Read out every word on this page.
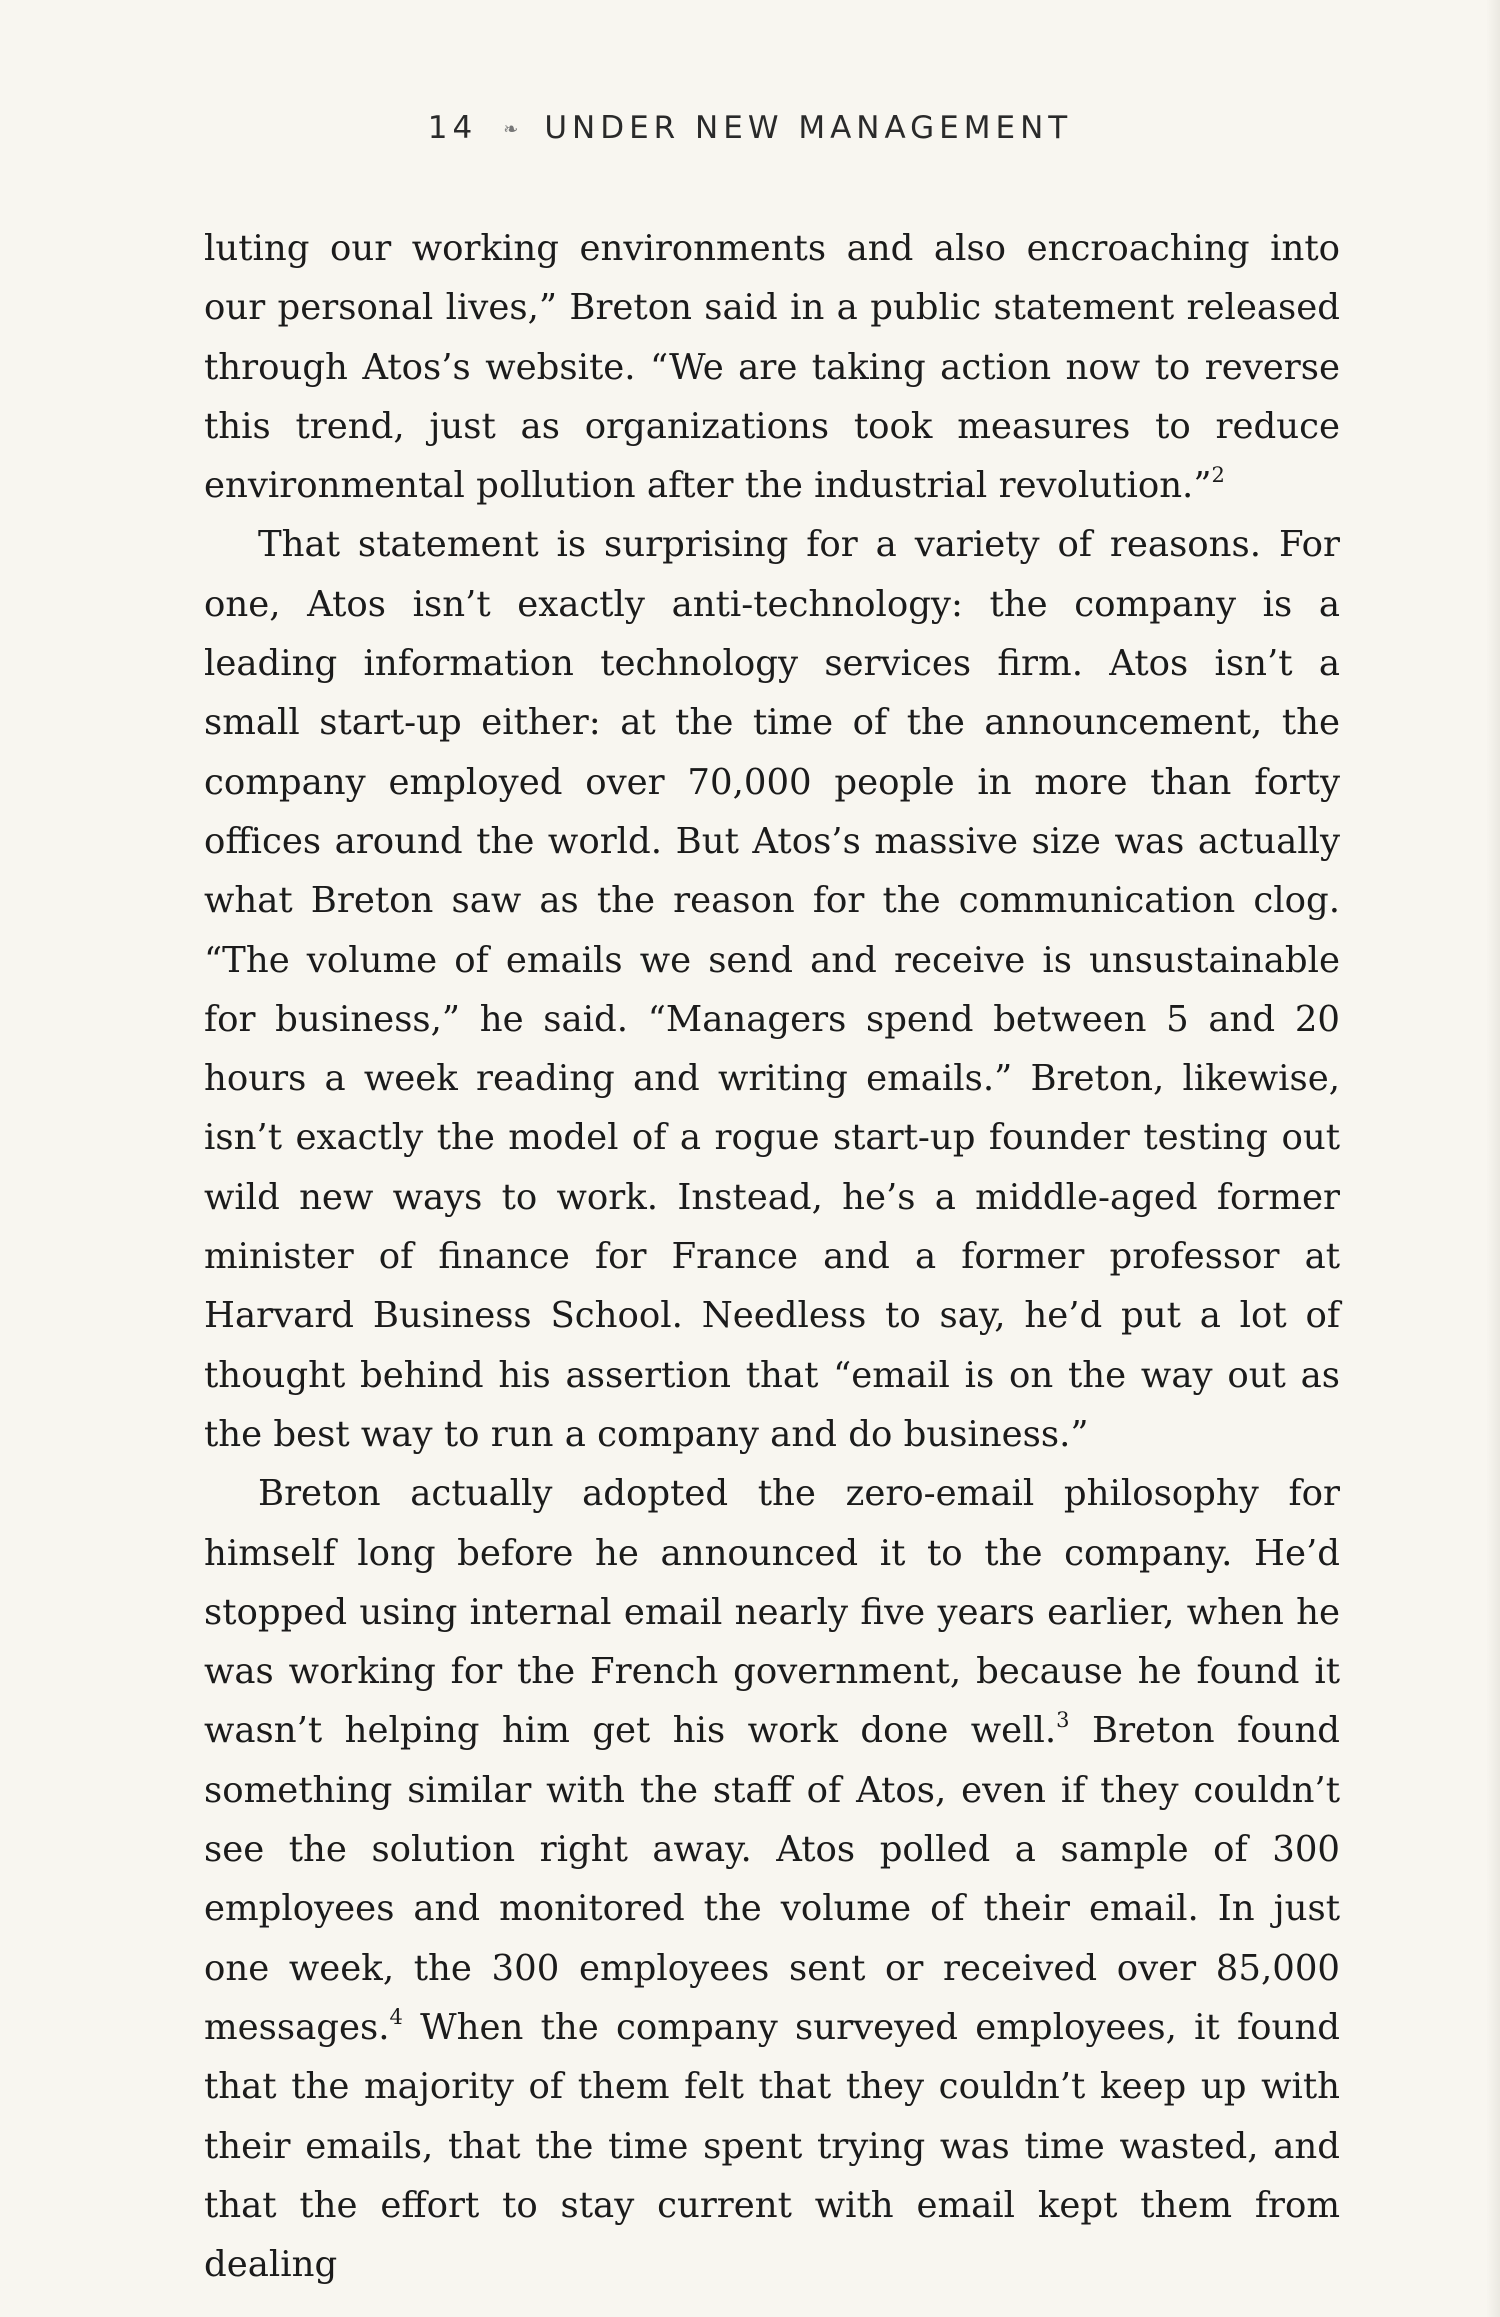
14 ❧ UNDER NEW MANAGEMENT

luting our working environments and also encroaching into our personal lives,” Breton said in a public statement released through Atos’s website. “We are taking action now to reverse this trend, just as organizations took measures to reduce environmental pollution after the industrial revolution.”$^2$

That statement is surprising for a variety of reasons. For one, Atos isn’t exactly anti-technology: the company is a leading information technology services firm. Atos isn’t a small start-up either: at the time of the announcement, the company employed over 70,000 people in more than forty offices around the world. But Atos’s massive size was actually what Breton saw as the reason for the communication clog. “The volume of emails we send and receive is unsustainable for business,” he said. “Managers spend between 5 and 20 hours a week reading and writing emails.” Breton, likewise, isn’t exactly the model of a rogue start-up founder testing out wild new ways to work. Instead, he’s a middle-aged former minister of finance for France and a former professor at Harvard Business School. Needless to say, he’d put a lot of thought behind his assertion that “email is on the way out as the best way to run a company and do business.”

Breton actually adopted the zero-email philosophy for himself long before he announced it to the company. He’d stopped using internal email nearly five years earlier, when he was working for the French government, because he found it wasn’t helping him get his work done well.$^3$ Breton found something similar with the staff of Atos, even if they couldn’t see the solution right away. Atos polled a sample of 300 employees and monitored the volume of their email. In just one week, the 300 employees sent or received over 85,000 messages.$^4$ When the company surveyed employees, it found that the majority of them felt that they couldn’t keep up with their emails, that the time spent trying was time wasted, and that the effort to stay current with email kept them from dealing
